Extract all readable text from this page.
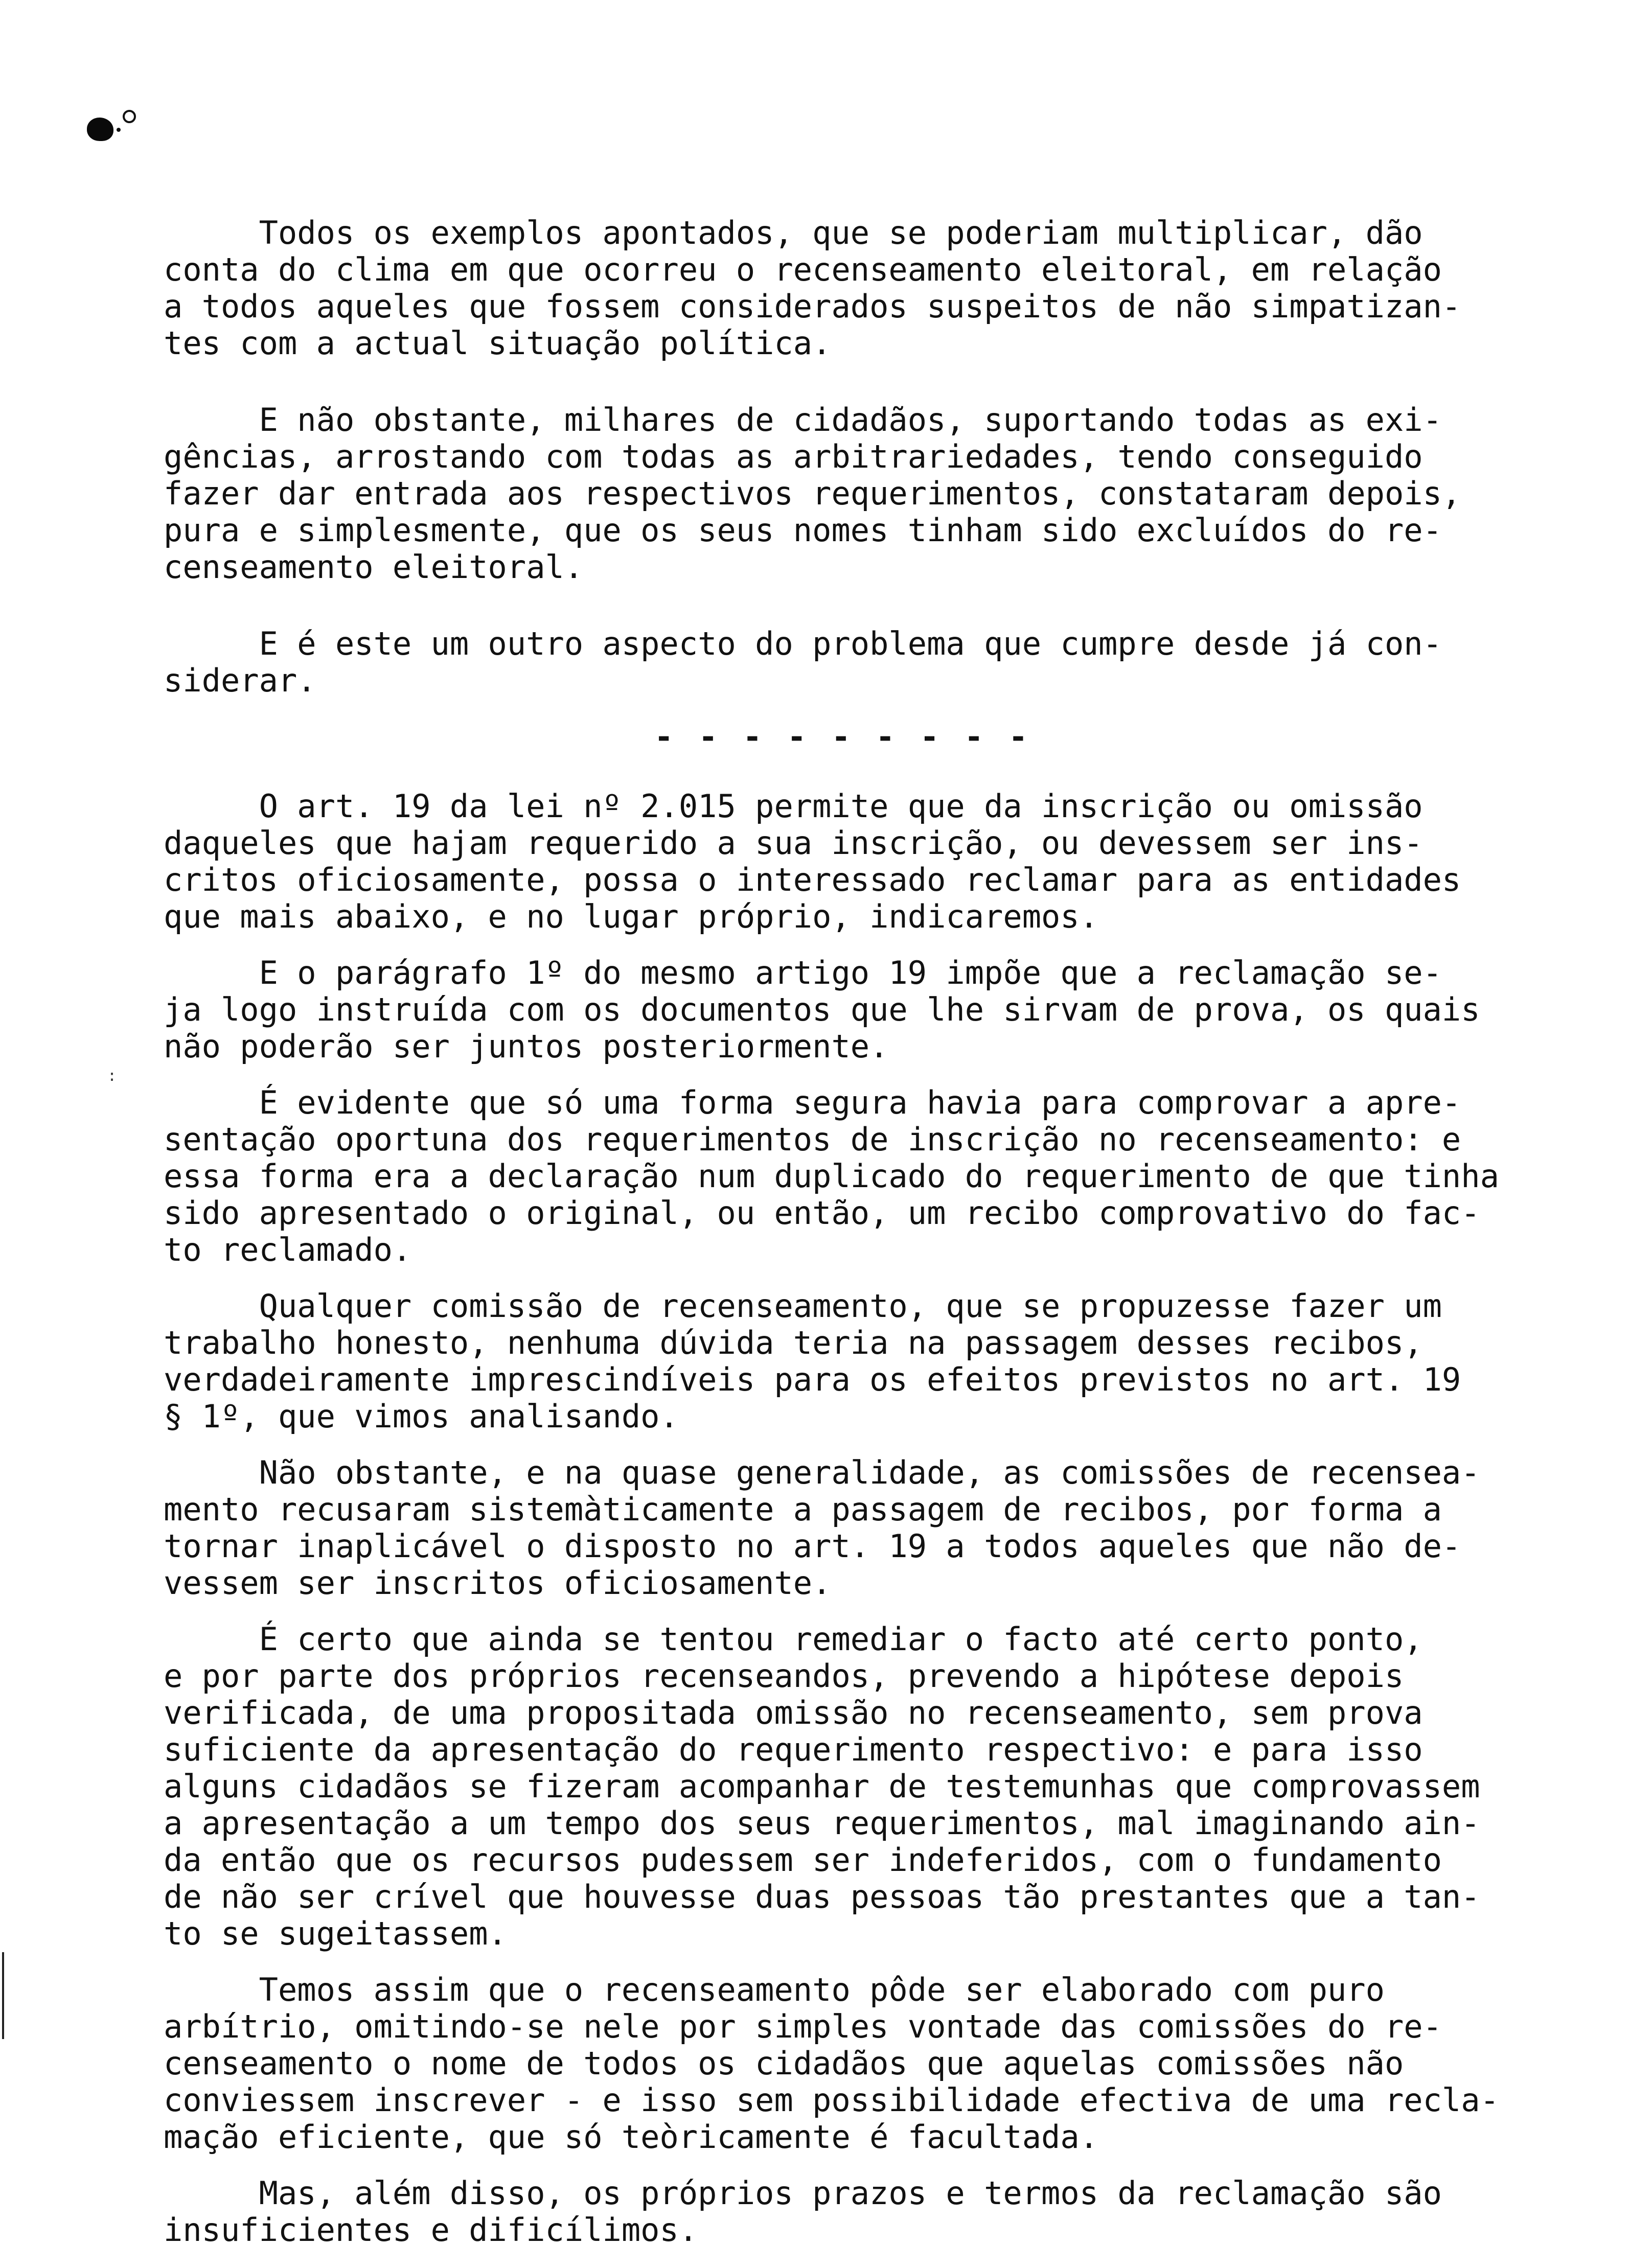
:

Todos os exemplos apontados, que se poderiam multiplicar, dão
conta do clima em que ocorreu o recenseamento eleitoral, em relação
a todos aqueles que fossem considerados suspeitos de não simpatizan-
tes com a actual situação política.

E não obstante, milhares de cidadãos, suportando todas as exi-
gências, arrostando com todas as arbitrariedades, tendo conseguido
fazer dar entrada aos respectivos requerimentos, constataram depois,
pura e simplesmente, que os seus nomes tinham sido excluídos do re-
censeamento eleitoral.

E é este um outro aspecto do problema que cumpre desde já con-
siderar.

- - - - - - - - -

O art. 19 da lei nº 2.015 permite que da inscrição ou omissão
daqueles que hajam requerido a sua inscrição, ou devessem ser ins-
critos oficiosamente, possa o interessado reclamar para as entidades
que mais abaixo, e no lugar próprio, indicaremos.

E o parágrafo 1º do mesmo artigo 19 impõe que a reclamação se-
ja logo instruída com os documentos que lhe sirvam de prova, os quais
não poderão ser juntos posteriormente.

É evidente que só uma forma segura havia para comprovar a apre-
sentação oportuna dos requerimentos de inscrição no recenseamento: e
essa forma era a declaração num duplicado do requerimento de que tinha
sido apresentado o original, ou então, um recibo comprovativo do fac-
to reclamado.

Qualquer comissão de recenseamento, que se propuzesse fazer um
trabalho honesto, nenhuma dúvida teria na passagem desses recibos,
verdadeiramente imprescindíveis para os efeitos previstos no art. 19
§ 1º, que vimos analisando.

Não obstante, e na quase generalidade, as comissões de recensea-
mento recusaram sistemàticamente a passagem de recibos, por forma a
tornar inaplicável o disposto no art. 19 a todos aqueles que não de-
vessem ser inscritos oficiosamente.

É certo que ainda se tentou remediar o facto até certo ponto,
e por parte dos próprios recenseandos, prevendo a hipótese depois
verificada, de uma propositada omissão no recenseamento, sem prova
suficiente da apresentação do requerimento respectivo: e para isso
alguns cidadãos se fizeram acompanhar de testemunhas que comprovassem
a apresentação a um tempo dos seus requerimentos, mal imaginando ain-
da então que os recursos pudessem ser indeferidos, com o fundamento
de não ser crível que houvesse duas pessoas tão prestantes que a tan-
to se sugeitassem.

Temos assim que o recenseamento pôde ser elaborado com puro
arbítrio, omitindo-se nele por simples vontade das comissões do re-
censeamento o nome de todos os cidadãos que aquelas comissões não
conviessem inscrever - e isso sem possibilidade efectiva de uma recla-
mação eficiente, que só teòricamente é facultada.

Mas, além disso, os próprios prazos e termos da reclamação são
insuficientes e dificílimos.
